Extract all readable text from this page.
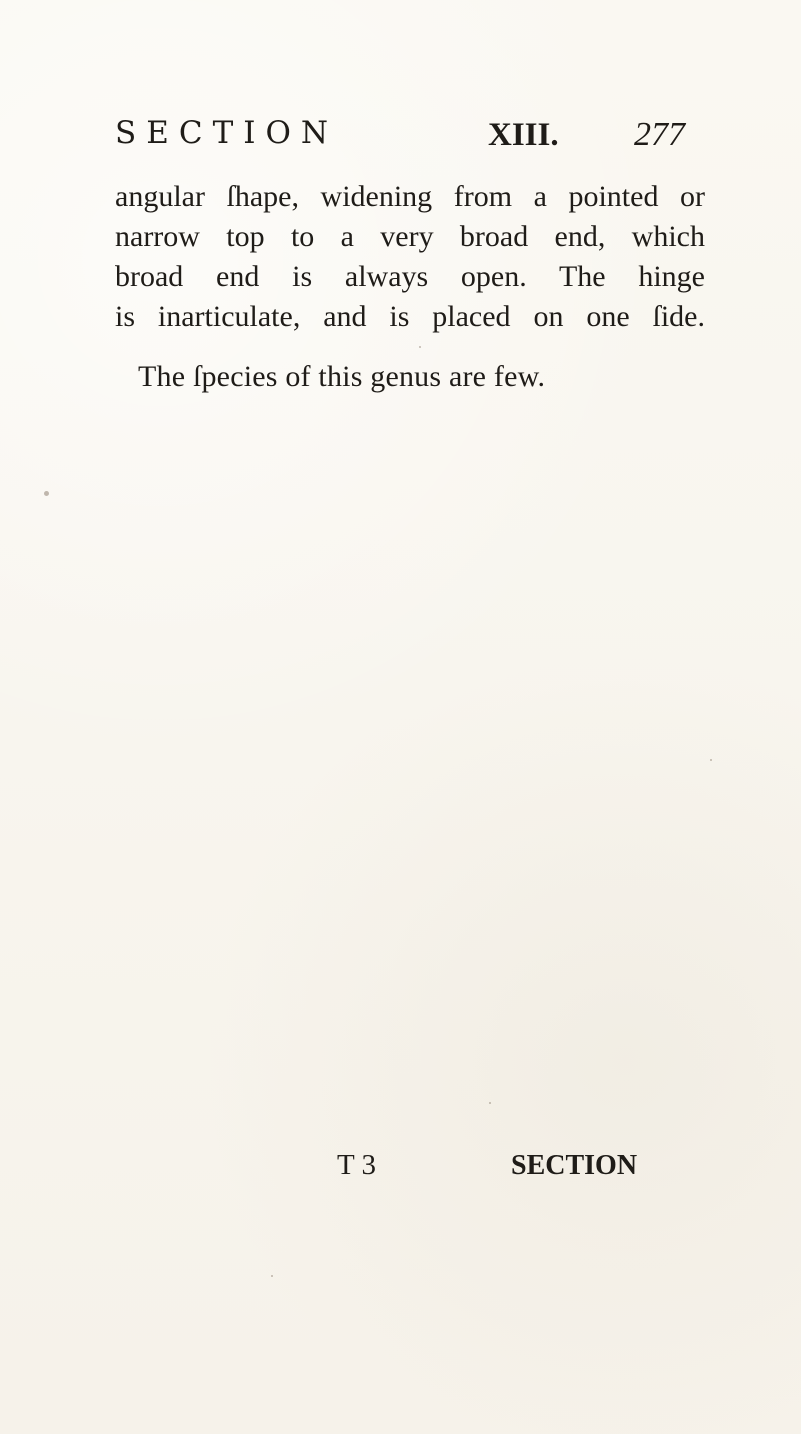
SECTION	XIII. 277
angular ſhape, widening from a pointed or
narrow top to a very broad end, which
broad end is always open. The hinge
is inarticulate, and is placed on one ſide.
The ſpecies of this genus are few.
T 3	SECTION
